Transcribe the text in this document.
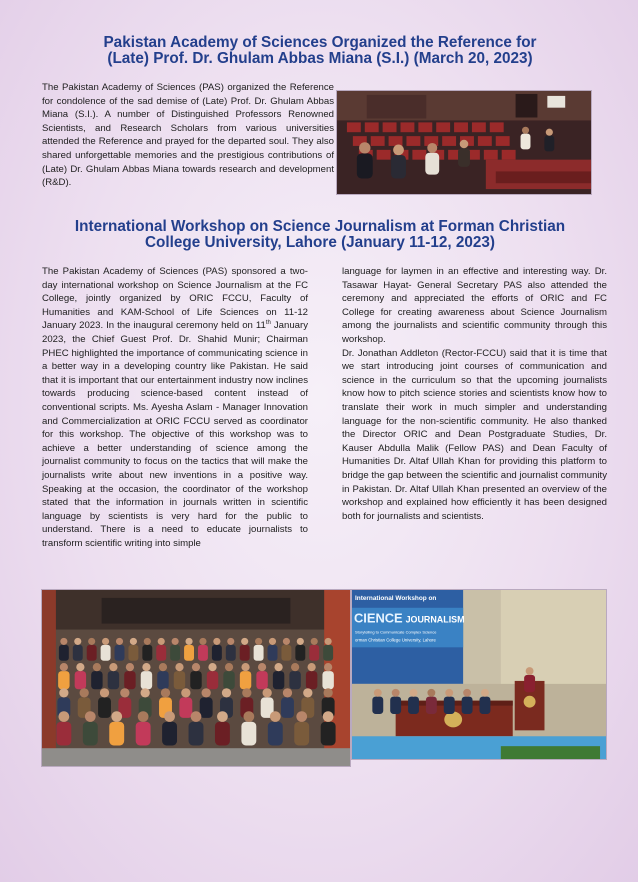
Pakistan Academy of Sciences Organized the Reference for
(Late) Prof. Dr. Ghulam Abbas Miana (S.I.) (March 20, 2023)

The Pakistan Academy of Sciences (PAS) organized the Reference for condolence of the sad demise of (Late) Prof. Dr. Ghulam Abbas Miana (S.I.). A number of Distinguished Professors Renowned Scientists, and Research Scholars from various universities attended the Reference and prayed for the departed soul. They also shared unforgettable memories and the prestigious contributions of (Late) Dr. Ghulam Abbas Miana towards research and development (R&D).

International Workshop on Science Journalism at Forman Christian
College University, Lahore (January 11-12, 2023)

The Pakistan Academy of Sciences (PAS) sponsored a two-day international workshop on Science Journalism at the FC College, jointly organized by ORIC FCCU, Faculty of Humanities and KAM-School of Life Sciences on 11-12 January 2023. In the inaugural ceremony held on 11th January 2023, the Chief Guest Prof. Dr. Shahid Munir; Chairman PHEC highlighted the importance of communicating science in a better way in a developing country like Pakistan. He said that it is important that our entertainment industry now inclines towards producing science-based content instead of conventional scripts. Ms. Ayesha Aslam - Manager Innovation and Commercialization at ORIC FCCU served as coordinator for this workshop. The objective of this workshop was to achieve a better understanding of science among the journalist community to focus on the tactics that will make the journalists write about new inventions in a positive way. Speaking at the occasion, the coordinator of the workshop stated that the information in journals written in scientific language by scientists is very hard for the public to understand. There is a need to educate journalists to transform scientific writing into simple

language for laymen in an effective and interesting way. Dr. Tasawar Hayat- General Secretary PAS also attended the ceremony and appreciated the efforts of ORIC and FC College for creating awareness about Science Journalism among the journalists and scientific community through this workshop.

Dr. Jonathan Addleton (Rector-FCCU) said that it is time that we start introducing joint courses of communication and science in the curriculum so that the upcoming journalists know how to pitch science stories and scientists know how to translate their work in much simpler and understanding language for the non-scientific community. He also thanked the Director ORIC and Dean Postgraduate Studies, Dr. Kauser Abdulla Malik (Fellow PAS) and Dean Faculty of Humanities Dr. Altaf Ullah Khan for providing this platform to bridge the gap between the scientific and journalist community in Pakistan. Dr. Altaf Ullah Khan presented an overview of the workshop and explained how efficiently it has been designed both for journalists and scientists.

International Workshop on
CIENCE JOURNALISM
Storytelling to Communicate Complex Science
orman Christian College University, Lahore
